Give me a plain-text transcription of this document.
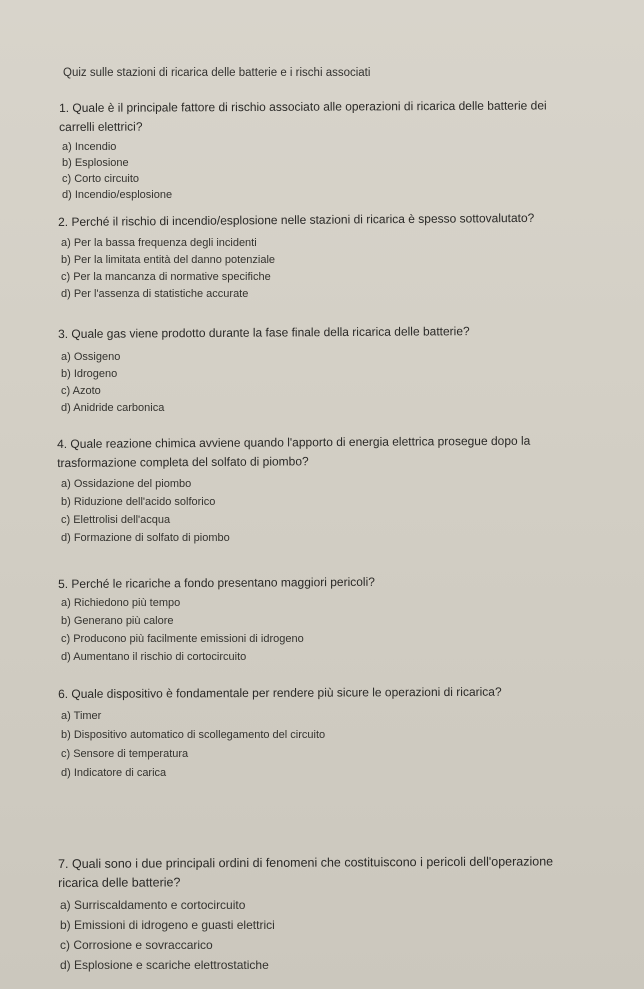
Quiz sulle stazioni di ricarica delle batterie e i rischi associati
1. Quale è il principale fattore di rischio associato alle operazioni di ricarica delle batterie dei
carrelli elettrici?
a) Incendio
b) Esplosione
c) Corto circuito
d) Incendio/esplosione
2. Perché il rischio di incendio/esplosione nelle stazioni di ricarica è spesso sottovalutato?
a) Per la bassa frequenza degli incidenti
b) Per la limitata entità del danno potenziale
c) Per la mancanza di normative specifiche
d) Per l'assenza di statistiche accurate
3. Quale gas viene prodotto durante la fase finale della ricarica delle batterie?
a) Ossigeno
b) Idrogeno
c) Azoto
d) Anidride carbonica
4. Quale reazione chimica avviene quando l'apporto di energia elettrica prosegue dopo la
trasformazione completa del solfato di piombo?
a) Ossidazione del piombo
b) Riduzione dell'acido solforico
c) Elettrolisi dell'acqua
d) Formazione di solfato di piombo
5. Perché le ricariche a fondo presentano maggiori pericoli?
a) Richiedono più tempo
b) Generano più calore
c) Producono più facilmente emissioni di idrogeno
d) Aumentano il rischio di cortocircuito
6. Quale dispositivo è fondamentale per rendere più sicure le operazioni di ricarica?
a) Timer
b) Dispositivo automatico di scollegamento del circuito
c) Sensore di temperatura
d) Indicatore di carica
7. Quali sono i due principali ordini di fenomeni che costituiscono i pericoli dell'operazione
ricarica delle batterie?
a) Surriscaldamento e cortocircuito
b) Emissioni di idrogeno e guasti elettrici
c) Corrosione e sovraccarico
d) Esplosione e scariche elettrostatiche
